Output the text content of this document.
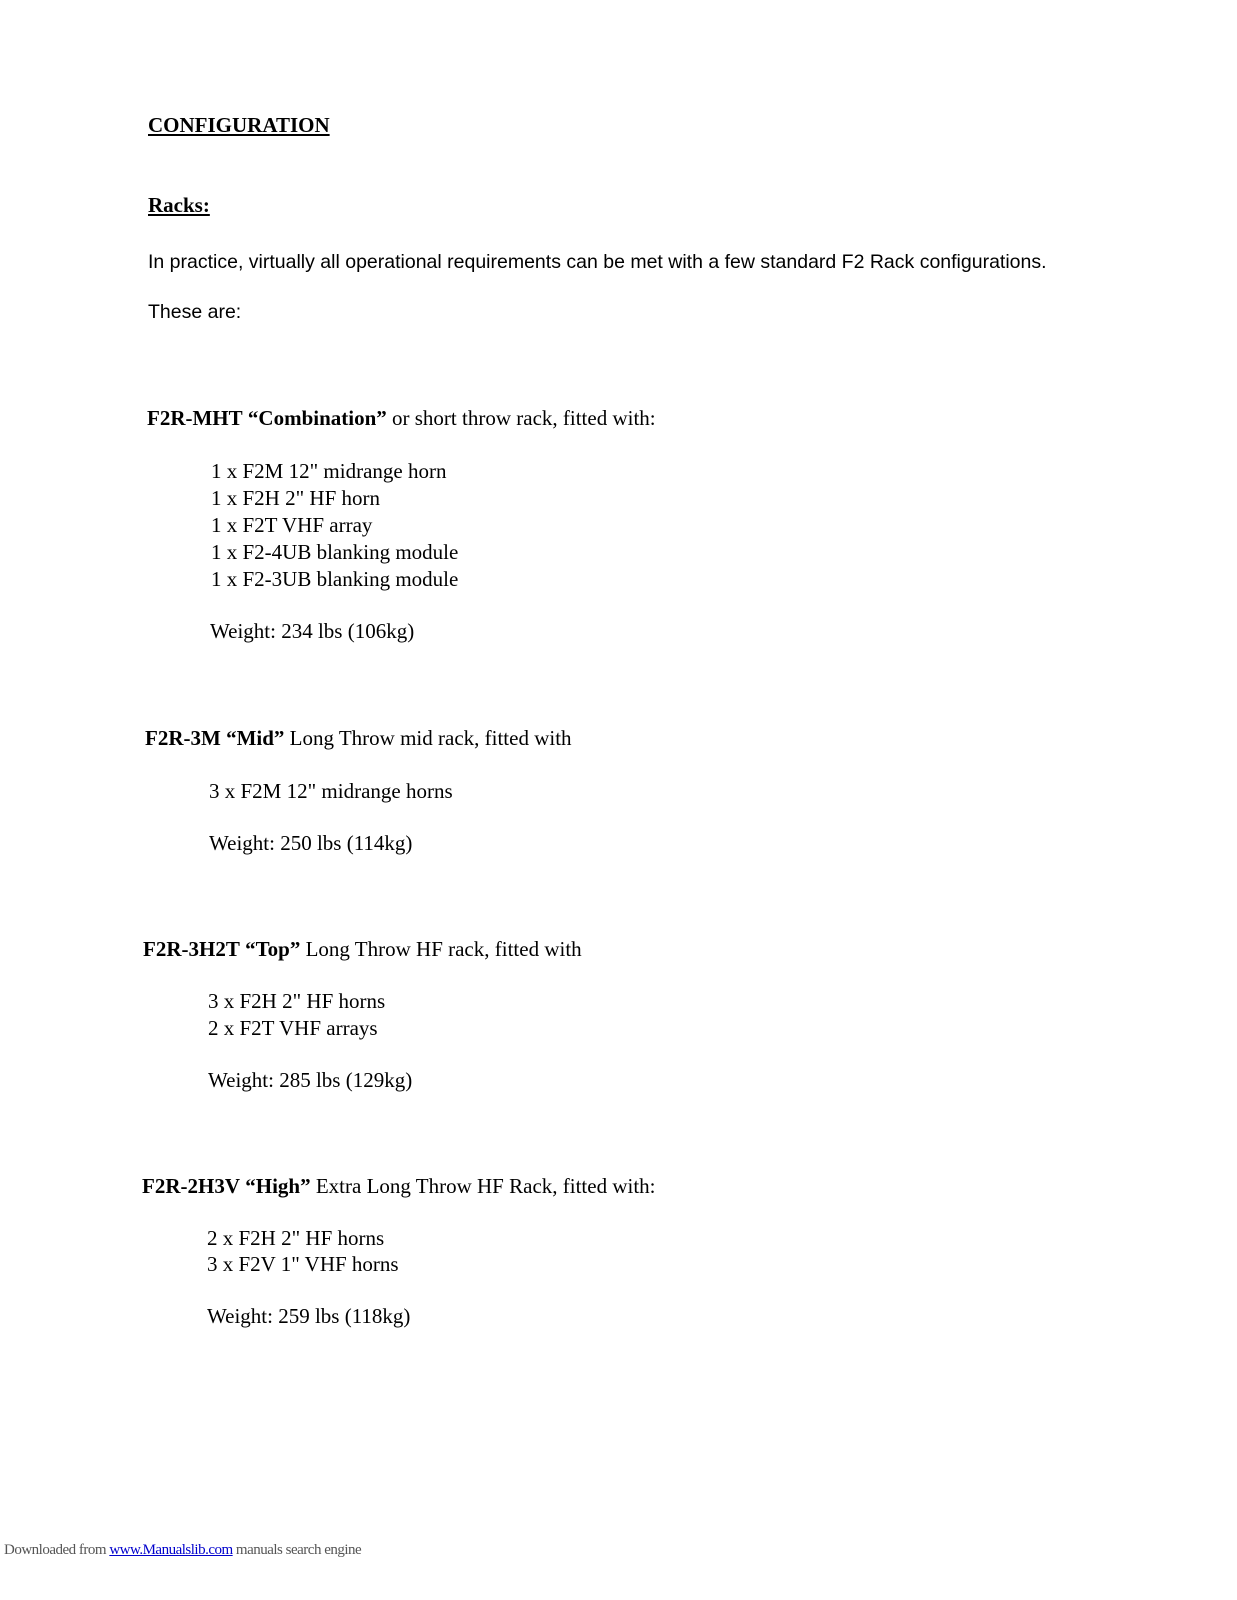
CONFIGURATION
Racks:
In practice, virtually all operational requirements can be met with a few standard F2 Rack configurations.
These are:
F2R-MHT “Combination” or short throw rack, fitted with:
1 x F2M 12" midrange horn
1 x F2H 2" HF horn
1 x F2T VHF array
1 x F2-4UB blanking module
1 x F2-3UB blanking module
Weight: 234 lbs (106kg)
F2R-3M “Mid” Long Throw mid rack, fitted with
3 x F2M 12" midrange horns
Weight: 250 lbs (114kg)
F2R-3H2T “Top” Long Throw HF rack, fitted with
3 x F2H 2" HF horns
2 x F2T VHF arrays
Weight: 285 lbs (129kg)
F2R-2H3V “High” Extra Long Throw HF Rack, fitted with:
2 x F2H 2" HF horns
3 x F2V 1" VHF horns
Weight: 259 lbs (118kg)
Downloaded from www.Manualslib.com manuals search engine
